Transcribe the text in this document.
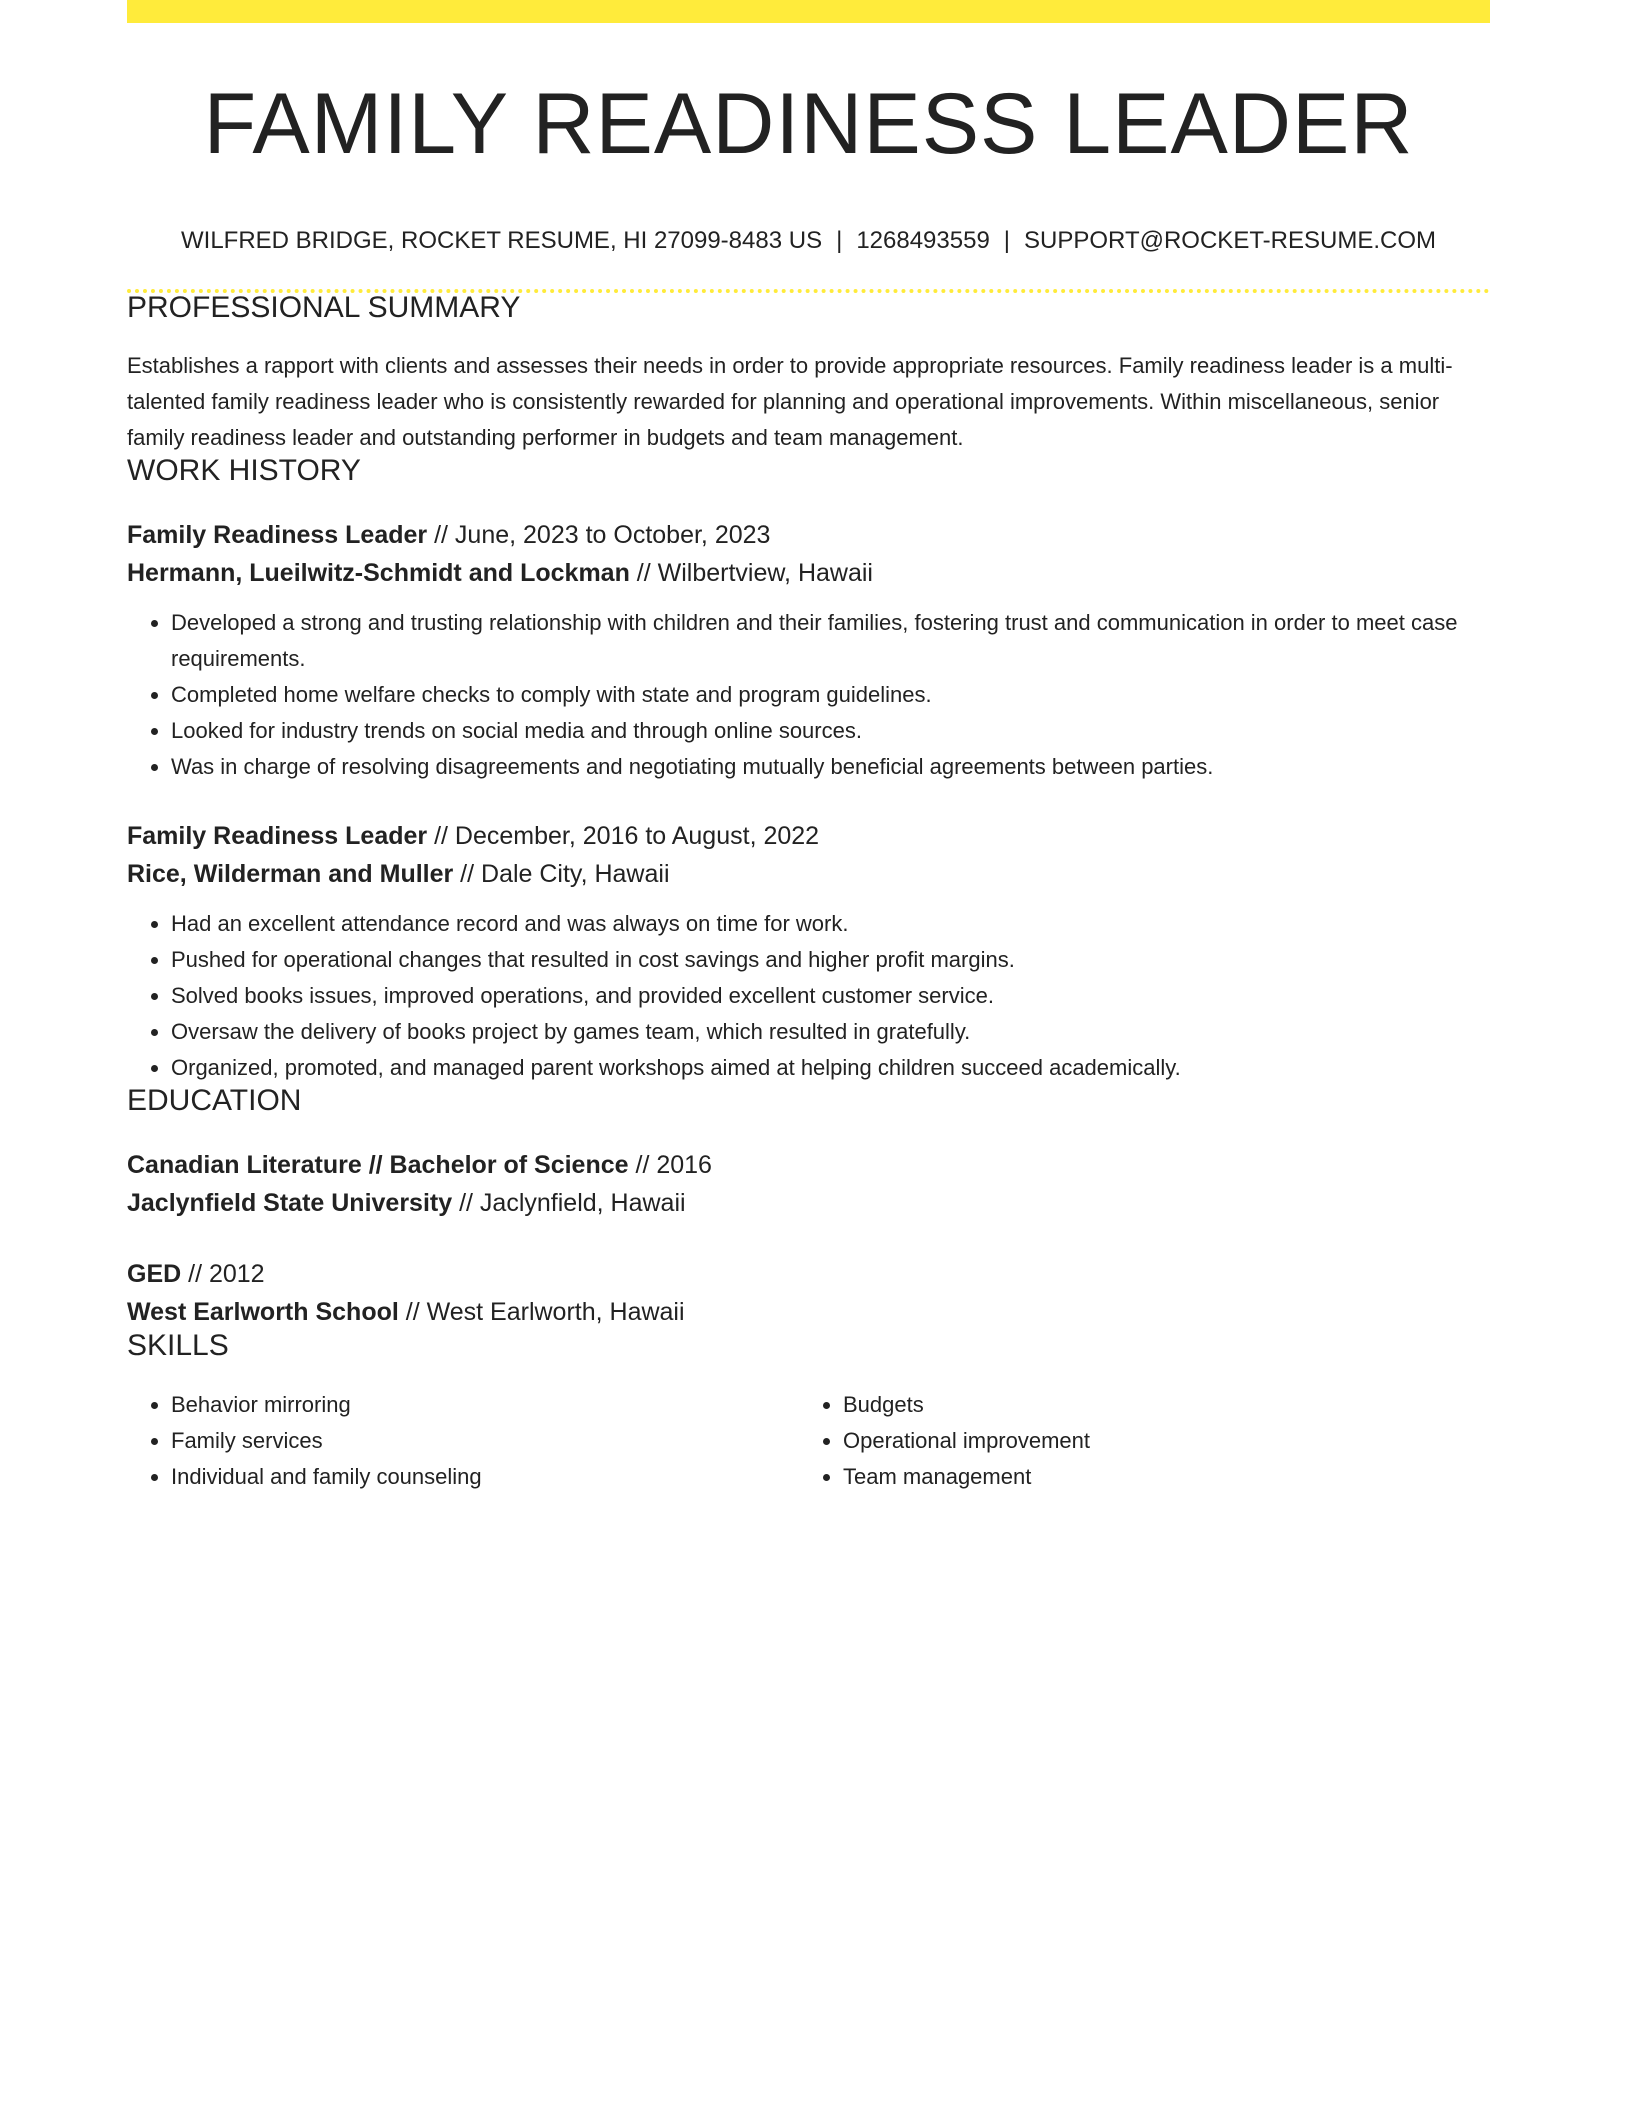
FAMILY READINESS LEADER
WILFRED BRIDGE, ROCKET RESUME, HI 27099-8483 US | 1268493559 | SUPPORT@ROCKET-RESUME.COM
PROFESSIONAL SUMMARY
Establishes a rapport with clients and assesses their needs in order to provide appropriate resources. Family readiness leader is a multi-talented family readiness leader who is consistently rewarded for planning and operational improvements. Within miscellaneous, senior family readiness leader and outstanding performer in budgets and team management.
WORK HISTORY
Family Readiness Leader // June, 2023 to October, 2023
Hermann, Lueilwitz-Schmidt and Lockman // Wilbertview, Hawaii
• Developed a strong and trusting relationship with children and their families, fostering trust and communication in order to meet case requirements.
• Completed home welfare checks to comply with state and program guidelines.
• Looked for industry trends on social media and through online sources.
• Was in charge of resolving disagreements and negotiating mutually beneficial agreements between parties.
Family Readiness Leader // December, 2016 to August, 2022
Rice, Wilderman and Muller // Dale City, Hawaii
• Had an excellent attendance record and was always on time for work.
• Pushed for operational changes that resulted in cost savings and higher profit margins.
• Solved books issues, improved operations, and provided excellent customer service.
• Oversaw the delivery of books project by games team, which resulted in gratefully.
• Organized, promoted, and managed parent workshops aimed at helping children succeed academically.
EDUCATION
Canadian Literature // Bachelor of Science // 2016
Jaclynfield State University // Jaclynfield, Hawaii
GED // 2012
West Earlworth School // West Earlworth, Hawaii
SKILLS
• Behavior mirroring
• Family services
• Individual and family counseling
• Budgets
• Operational improvement
• Team management
